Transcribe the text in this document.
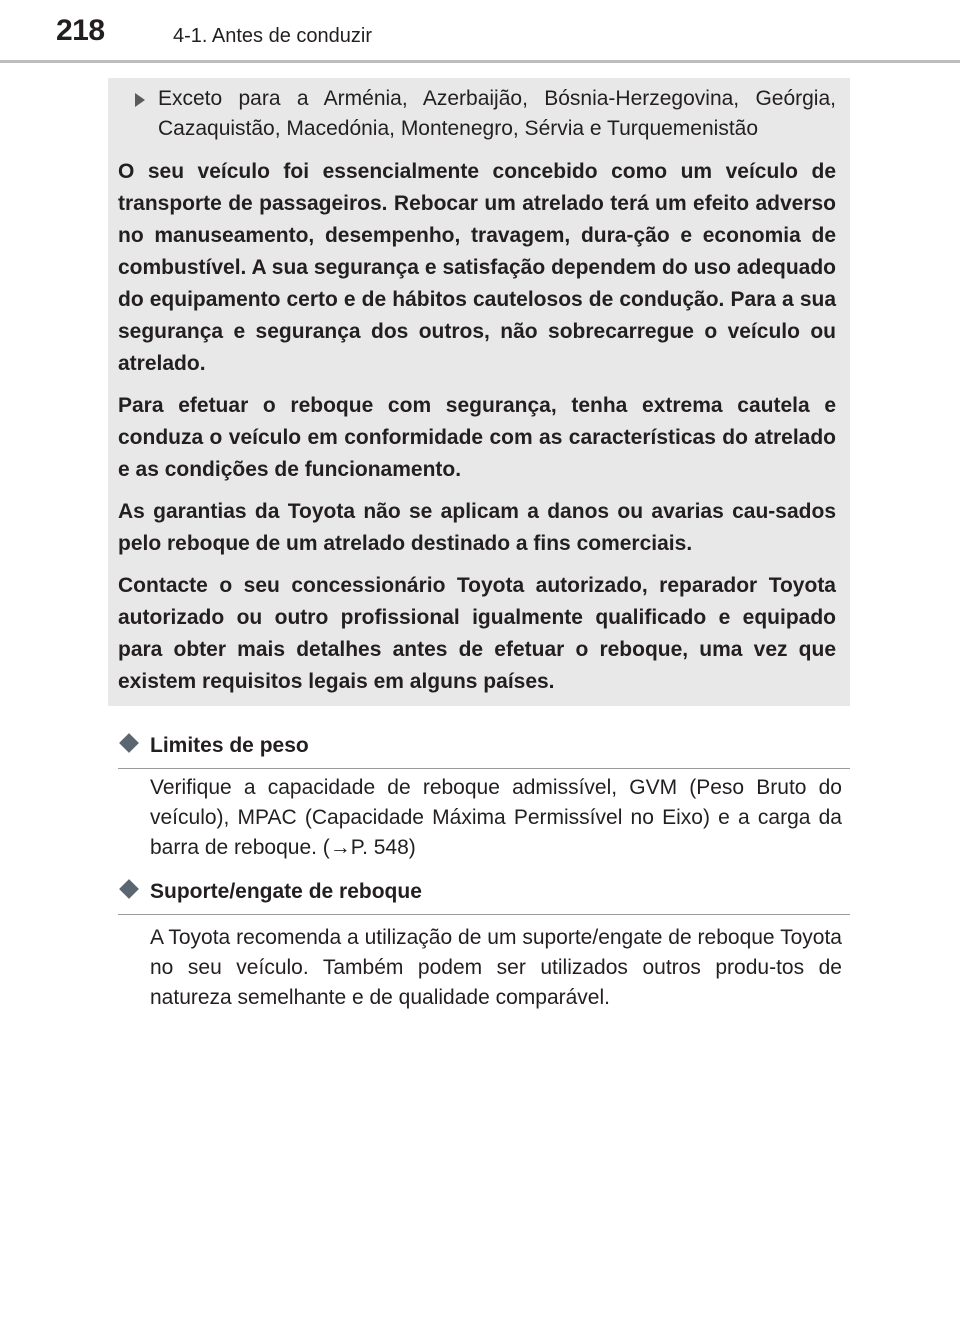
218	4-1. Antes de conduzir
Exceto para a Arménia, Azerbaijão, Bósnia-Herzegovina, Geórgia, Cazaquistão, Macedónia, Montenegro, Sérvia e Turquemenistão
O seu veículo foi essencialmente concebido como um veículo de transporte de passageiros. Rebocar um atrelado terá um efeito adverso no manuseamento, desempenho, travagem, dura-ção e economia de combustível. A sua segurança e satisfação dependem do uso adequado do equipamento certo e de hábitos cautelosos de condução. Para a sua segurança e segurança dos outros, não sobrecarregue o veículo ou atrelado.
Para efetuar o reboque com segurança, tenha extrema cautela e conduza o veículo em conformidade com as características do atrelado e as condições de funcionamento.
As garantias da Toyota não se aplicam a danos ou avarias cau-sados pelo reboque de um atrelado destinado a fins comerciais.
Contacte o seu concessionário Toyota autorizado, reparador Toyota autorizado ou outro profissional igualmente qualificado e equipado para obter mais detalhes antes de efetuar o reboque, uma vez que existem requisitos legais em alguns países.
Limites de peso
Verifique a capacidade de reboque admissível, GVM (Peso Bruto do veículo), MPAC (Capacidade Máxima Permissível no Eixo) e a carga da barra de reboque. (→P. 548)
Suporte/engate de reboque
A Toyota recomenda a utilização de um suporte/engate de reboque Toyota no seu veículo. Também podem ser utilizados outros produ-tos de natureza semelhante e de qualidade comparável.
